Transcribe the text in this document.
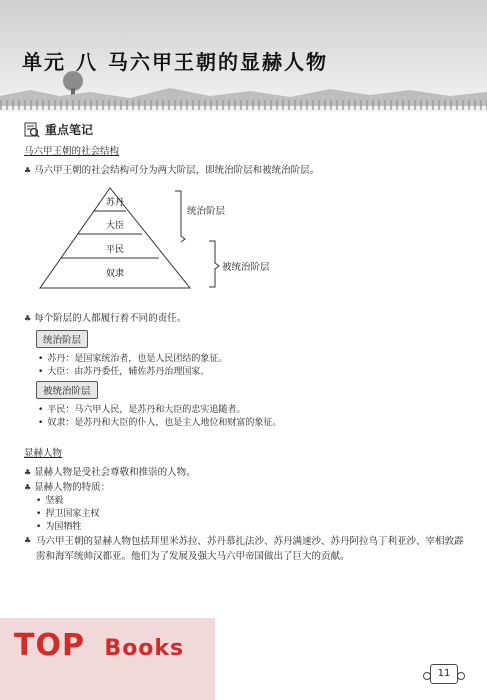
单元 八 马六甲王朝的显赫人物
重点笔记
马六甲王朝的社会结构
♣ 马六甲王朝的社会结构可分为两大阶层，即统治阶层和被统治阶层。
苏丹
大臣
平民
奴隶
统治阶层
被统治阶层
♣ 每个阶层的人都履行着不同的责任。
统治阶层
• 苏丹：是国家统治者，也是人民团结的象征。
• 大臣：由苏丹委任，辅佐苏丹治理国家。
被统治阶层
• 平民：马六甲人民，是苏丹和大臣的忠实追随者。
• 奴隶：是苏丹和大臣的仆人，也是主人地位和财富的象征。
显赫人物
♣ 显赫人物是受社会尊敬和推崇的人物。
♣ 显赫人物的特质：
• 坚毅
• 捍卫国家主权
• 为国牺牲
♣ 马六甲王朝的显赫人物包括拜里米苏拉、苏丹慕扎法沙、苏丹满速沙、苏丹阿拉乌丁利亚沙、宰相敦霹雳和海军统帅汉都亚。他们为了发展及强大马六甲帝国做出了巨大的贡献。
TOP Books
11
